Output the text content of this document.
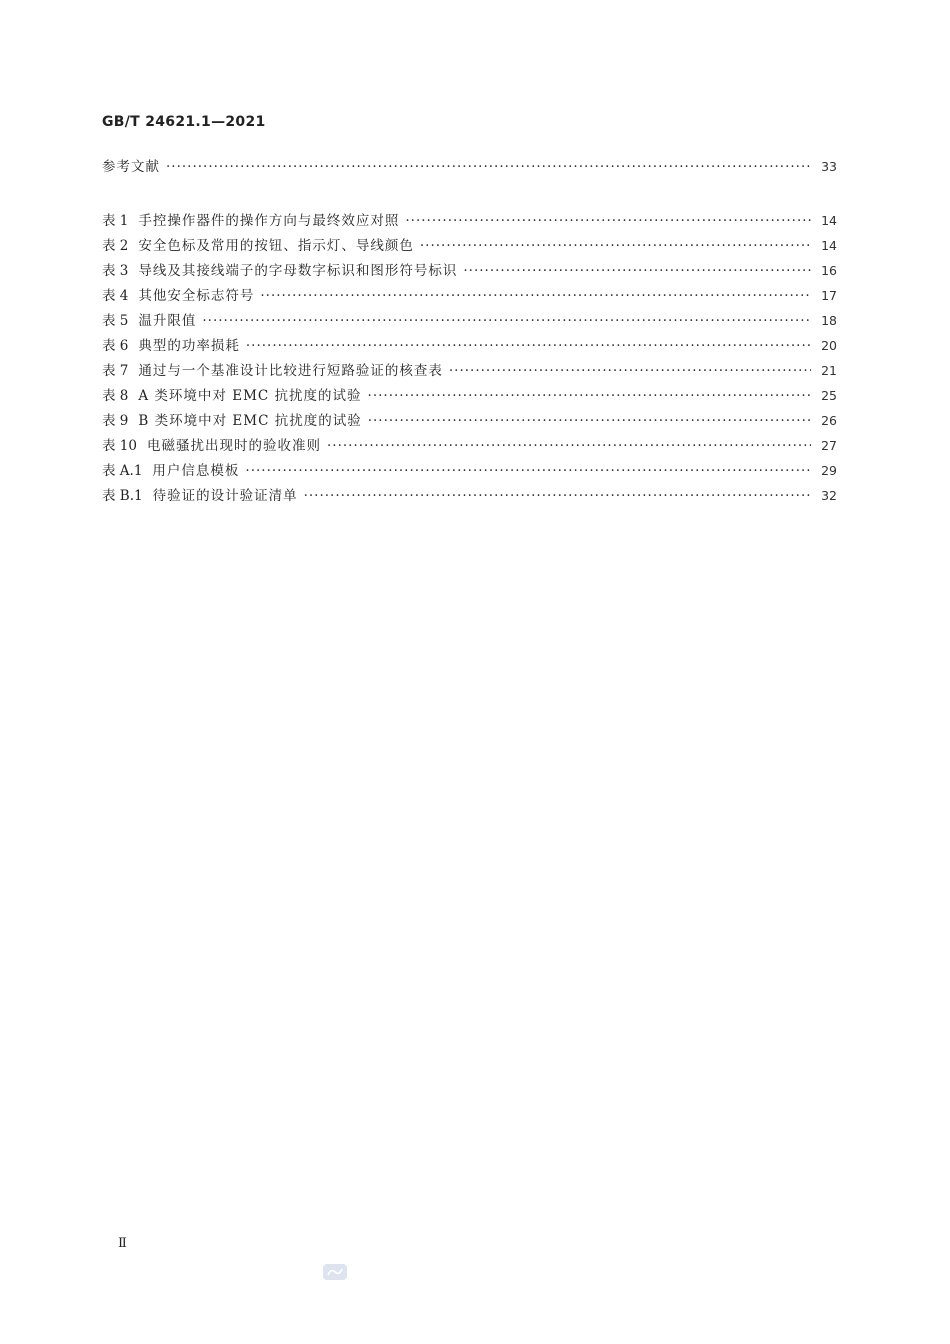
GB/T 24621.1—2021
参考文献 ·····	33
表 1 手控操作器件的操作方向与最终效应对照 ·····	14
表 2 安全色标及常用的按钮、指示灯、导线颜色 ·····	14
表 3 导线及其接线端子的字母数字标识和图形符号标识 ·····	16
表 4 其他安全标志符号 ·····	17
表 5 温升限值 ·····	18
表 6 典型的功率损耗 ·····	20
表 7 通过与一个基准设计比较进行短路验证的核查表 ·····	21
表 8 A 类环境中对 EMC 抗扰度的试验 ·····	25
表 9 B 类环境中对 EMC 抗扰度的试验 ·····	26
表 10 电磁骚扰出现时的验收准则 ·····	27
表 A.1 用户信息模板 ·····	29
表 B.1 待验证的设计验证清单 ·····	32
Ⅱ
